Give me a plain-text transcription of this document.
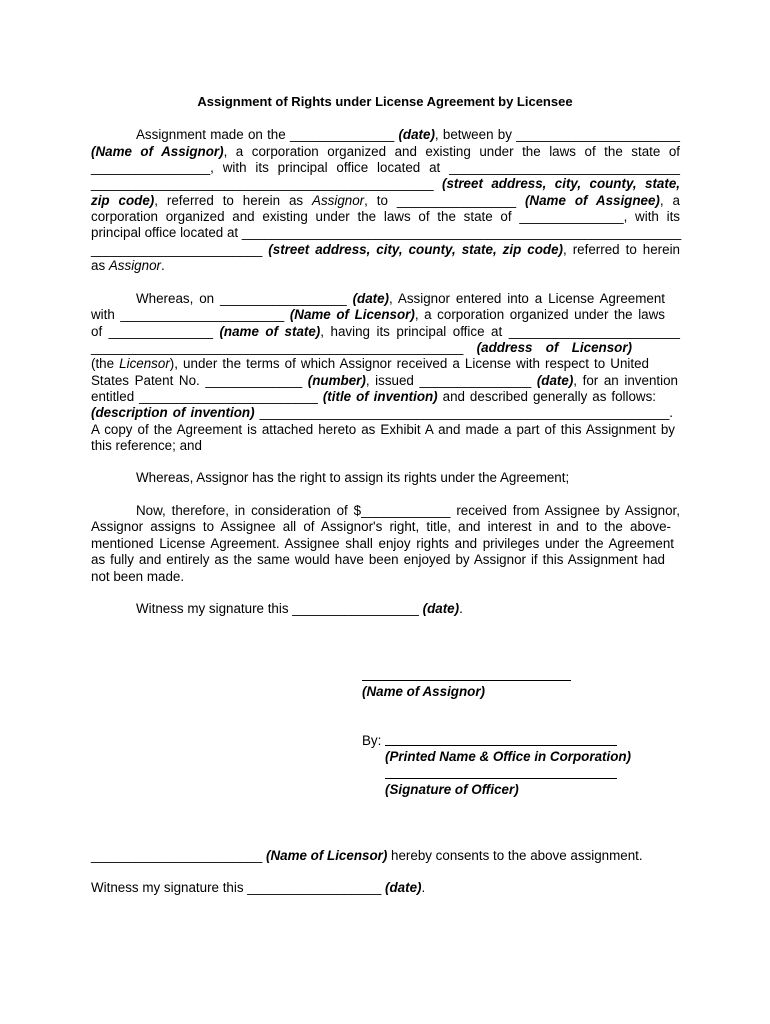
Assignment of Rights under License Agreement by Licensee
Assignment made on the ______________ (date), between by ______________________
(Name of Assignor), a corporation organized and existing under the laws of the state of
________________, with its principal office located at _______________________________
______________________________________________ (street address, city, county, state,
zip code), referred to herein as Assignor, to ________________ (Name of Assignee), a
corporation organized and existing under the laws of the state of ______________, with its
principal office located at ___________________________________________________________
_______________________ (street address, city, county, state, zip code), referred to herein
as Assignor.
Whereas, on _________________ (date), Assignor entered into a License Agreement
with ______________________ (Name of Licensor), a corporation organized under the laws
of ______________ (name of state), having its principal office at _______________________
__________________________________________________ (address of Licensor)
(the Licensor), under the terms of which Assignor received a License with respect to United
States Patent No. _____________ (number), issued _______________ (date), for an invention
entitled ________________________ (title of invention) and described generally as follows:
(description of invention) _______________________________________________________.
A copy of the Agreement is attached hereto as Exhibit A and made a part of this Assignment by
this reference; and
Whereas, Assignor has the right to assign its rights under the Agreement;
Now, therefore, in consideration of $____________ received from Assignee by Assignor,
Assignor assigns to Assignee all of Assignor's right, title, and interest in and to the above-
mentioned License Agreement. Assignee shall enjoy rights and privileges under the Agreement
as fully and entirely as the same would have been enjoyed by Assignor if this Assignment had
not been made.
Witness my signature this _________________ (date).
(Name of Assignor)
By:
(Printed Name & Office in Corporation)
(Signature of Officer)
_______________________ (Name of Licensor) hereby consents to the above assignment.
Witness my signature this __________________ (date).
